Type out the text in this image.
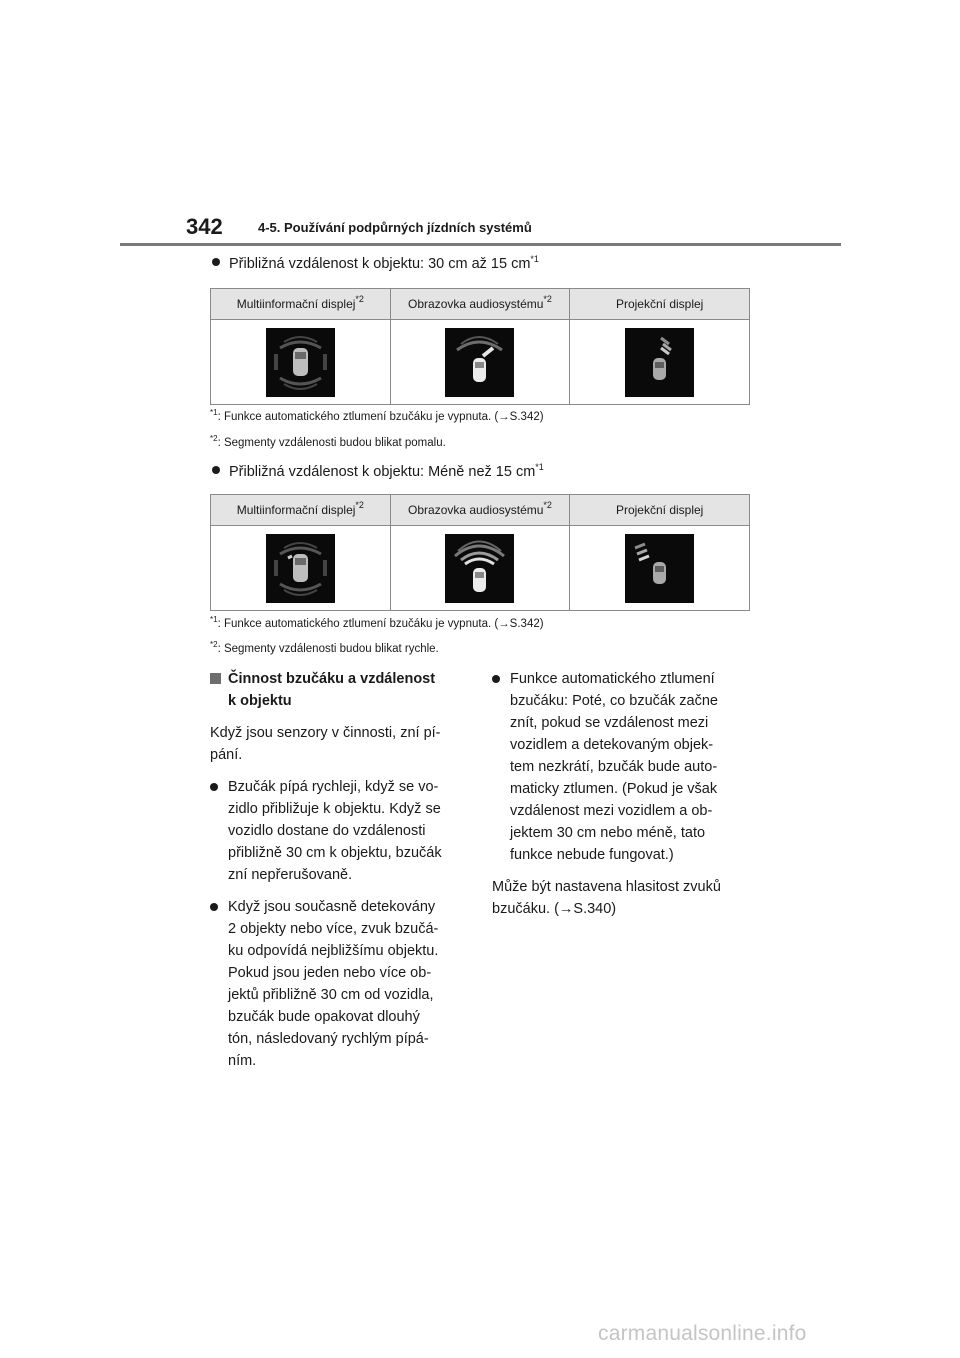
342	4-5. Používání podpůrných jízdních systémů
Přibližná vzdálenost k objektu: 30 cm až 15 $cm^{*1}$
Multiinformační displej$^{*2}$	Obrazovka audiosystému$^{*2}$	Projekční displej

$^{*1}$: Funkce automatického ztlumení bzučáku je vypnuta. (→S.342)
$^{*2}$: Segmenty vzdálenosti budou blikat pomalu.
Přibližná vzdálenost k objektu: Méně než 15 $cm^{*1}$
Multiinformační displej$^{*2}$	Obrazovka audiosystému$^{*2}$	Projekční displej

$^{*1}$: Funkce automatického ztlumení bzučáku je vypnuta. (→S.342)
$^{*2}$: Segmenty vzdálenosti budou blikat rychle.
Činnost bzučáku a vzdálenost
k objektu
Když jsou senzory v činnosti, zní pí-
pání.
Bzučák pípá rychleji, když se vo-
zidlo přibližuje k objektu. Když se
vozidlo dostane do vzdálenosti
přibližně 30 cm k objektu, bzučák
zní nepřerušovaně.
Když jsou současně detekovány
2 objekty nebo více, zvuk bzučá-
ku odpovídá nejbližšímu objektu.
Pokud jsou jeden nebo více ob-
jektů přibližně 30 cm od vozidla,
bzučák bude opakovat dlouhý
tón, následovaný rychlým pípá-
ním.
Funkce automatického ztlumení
bzučáku: Poté, co bzučák začne
znít, pokud se vzdálenost mezi
vozidlem a detekovaným objek-
tem nezkrátí, bzučák bude auto-
maticky ztlumen. (Pokud je však
vzdálenost mezi vozidlem a ob-
jektem 30 cm nebo méně, tato
funkce nebude fungovat.)
Může být nastavena hlasitost zvuků
bzučáku. (→S.340)
carmanualsonline.info
